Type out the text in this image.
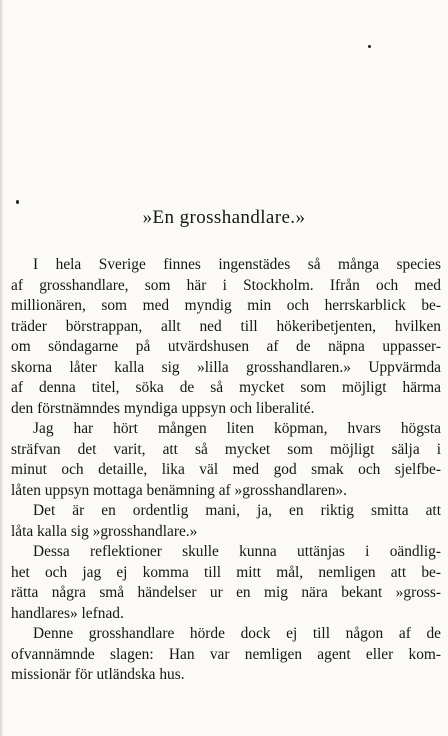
»En grosshandlare.»
I hela Sverige finnes ingenstädes så många species
af grosshandlare, som här i Stockholm. Ifrån och med
millionären, som med myndig min och herrskarblick be-
träder börstrappan, allt ned till hökeribetjenten, hvilken
om söndagarne på utvärdshusen af de näpna uppasser-
skorna låter kalla sig »lilla grosshandlaren.» Uppvärmda
af denna titel, söka de så mycket som möjligt härma
den förstnämndes myndiga uppsyn och liberalité.
Jag har hört mången liten köpman, hvars högsta
sträfvan det varit, att så mycket som möjligt sälja i
minut och detaille, lika väl med god smak och sjelfbe-
låten uppsyn mottaga benämning af »grosshandlaren».
Det är en ordentlig mani, ja, en riktig smitta att
låta kalla sig »grosshandlare.»
Dessa reflektioner skulle kunna uttänjas i oändlig-
het och jag ej komma till mitt mål, nemligen att be-
rätta några små händelser ur en mig nära bekant »gross-
handlares» lefnad.
Denne grosshandlare hörde dock ej till någon af de
ofvannämnde slagen: Han var nemligen agent eller kom-
missionär för utländska hus.
